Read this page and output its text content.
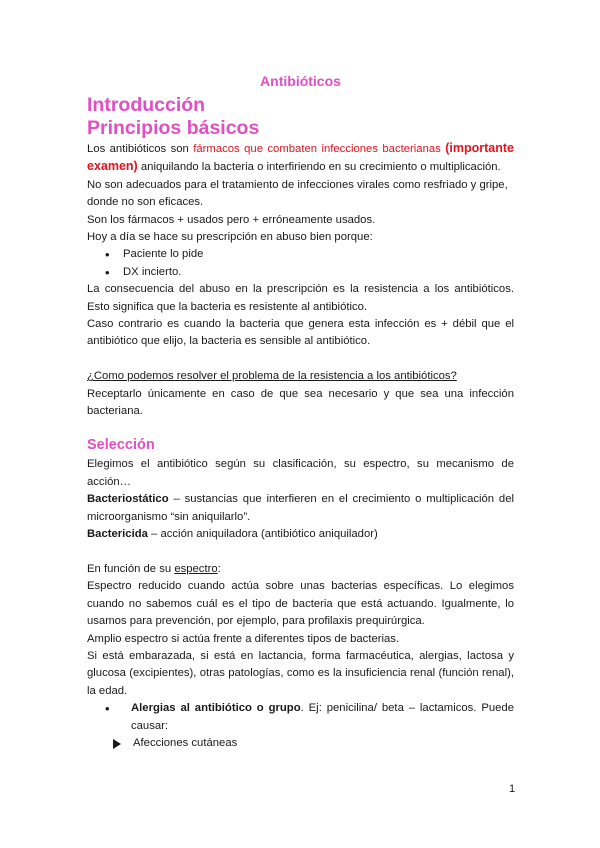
Antibióticos
Introducción
Principios básicos

Los antibióticos son fármacos que combaten infecciones bacterianas (importante examen) aniquilando la bacteria o interfiriendo en su crecimiento o multiplicación.

No son adecuados para el tratamiento de infecciones virales como resfriado y gripe, donde no son eficaces.

Son los fármacos + usados pero + erróneamente usados.

Hoy a día se hace su prescripción en abuso bien porque:

• Paciente lo pide
• DX incierto.

La consecuencia del abuso en la prescripción es la resistencia a los antibióticos. Esto significa que la bacteria es resistente al antibiótico.

Caso contrario es cuando la bacteria que genera esta infección es + débil que el antibiótico que elijo, la bacteria es sensible al antibiótico.

¿Como podemos resolver el problema de la resistencia a los antibióticos?

Receptarlo únicamente en caso de que sea necesario y que sea una infección bacteriana.

Selección

Elegimos el antibiótico según su clasificación, su espectro, su mecanismo de acción…

Bacteriostático – sustancias que interfieren en el crecimiento o multiplicación del microorganismo “sin aniquilarlo”.

Bactericida – acción aniquiladora (antibiótico aniquilador)

En función de su espectro:

Espectro reducido cuando actúa sobre unas bacterias específicas. Lo elegimos cuando no sabemos cuál es el tipo de bacteria que está actuando. Igualmente, lo usamos para prevención, por ejemplo, para profilaxis prequirúrgica.

Amplio espectro si actúa frente a diferentes tipos de bacterias.

Si está embarazada, si está en lactancia, forma farmacéutica, alergias, lactosa y glucosa (excipientes), otras patologías, como es la insuficiencia renal (función renal), la edad.

• Alergias al antibiótico o grupo. Ej: penicilina/ beta – lactamicos. Puede causar:
Afecciones cutáneas
1
